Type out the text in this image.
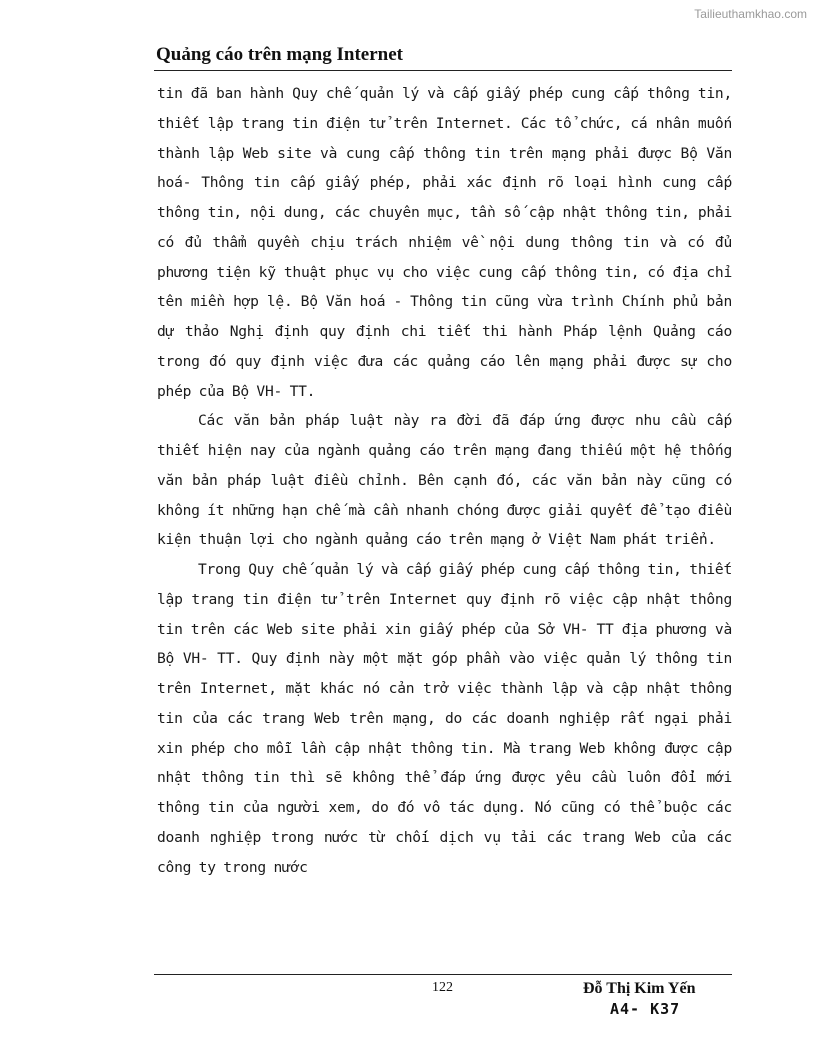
Tailieuthamkhao.com
Quảng cáo trên mạng Internet

tin đã ban hành Quy chế quản lý và cấp giấy phép cung cấp thông tin, thiết lập trang tin điện tử trên Internet. Các tổ chức, cá nhân muốn thành lập Web site và cung cấp thông tin trên mạng phải được Bộ Văn hoá- Thông tin cấp giấy phép, phải xác định rõ loại hình cung cấp thông tin, nội dung, các chuyên mục, tần số cập nhật thông tin, phải có đủ thẩm quyền chịu trách nhiệm về nội dung thông tin và có đủ phương tiện kỹ thuật phục vụ cho việc cung cấp thông tin, có địa chỉ tên miền hợp lệ. Bộ Văn hoá - Thông tin cũng vừa trình Chính phủ bản dự thảo Nghị định quy định chi tiết thi hành Pháp lệnh Quảng cáo trong đó quy định việc đưa các quảng cáo lên mạng phải được sự cho phép của Bộ VH- TT.

Các văn bản pháp luật này ra đời đã đáp ứng được nhu cầu cấp thiết hiện nay của ngành quảng cáo trên mạng đang thiếu một hệ thống văn bản pháp luật điều chỉnh. Bên cạnh đó, các văn bản này cũng có không ít những hạn chế mà cần nhanh chóng được giải quyết để tạo điều kiện thuận lợi cho ngành quảng cáo trên mạng ở Việt Nam phát triển.

Trong Quy chế quản lý và cấp giấy phép cung cấp thông tin, thiết lập trang tin điện tử trên Internet quy định rõ việc cập nhật thông tin trên các Web site phải xin giấy phép của Sở VH- TT địa phương và Bộ VH- TT. Quy định này một mặt góp phần vào việc quản lý thông tin trên Internet, mặt khác nó cản trở việc thành lập và cập nhật thông tin của các trang Web trên mạng, do các doanh nghiệp rất ngại phải xin phép cho mỗi lần cập nhật thông tin. Mà trang Web không được cập nhật thông tin thì sẽ không thể đáp ứng được yêu cầu luôn đổi mới thông tin của người xem, do đó vô tác dụng. Nó cũng có thể buộc các doanh nghiệp trong nước từ chối dịch vụ tải các trang Web của các công ty trong nước

122	Đỗ Thị Kim Yến
A4- K37
